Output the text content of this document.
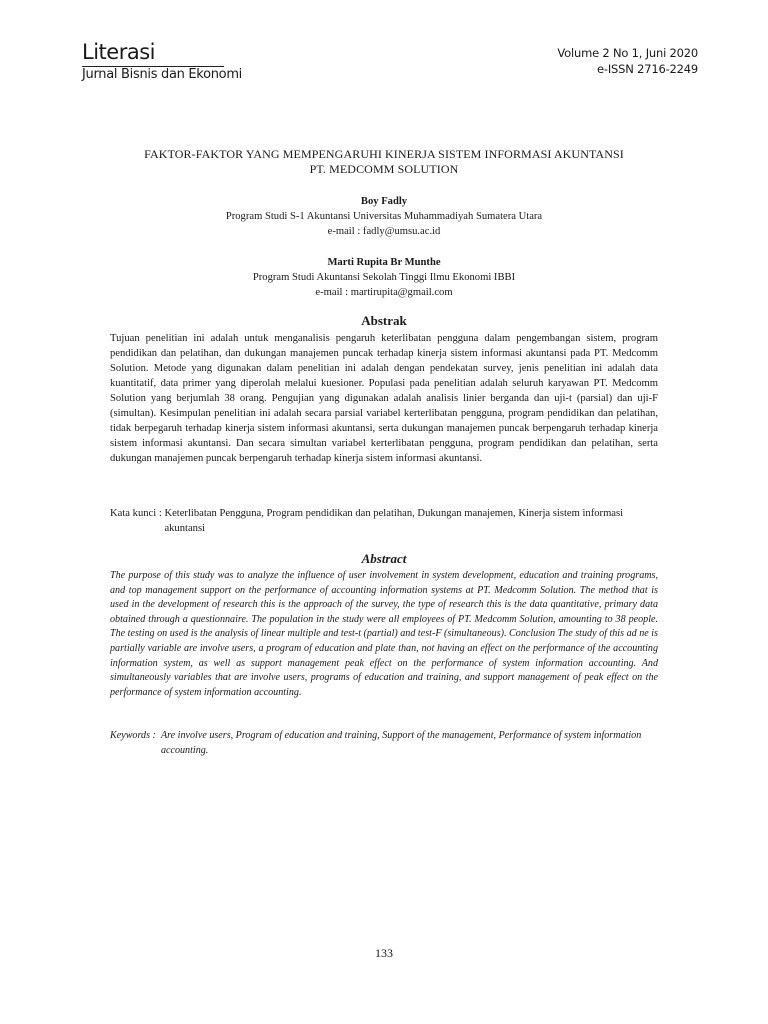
Literasi
Jurnal Bisnis dan Ekonomi
Volume 2 No 1, Juni 2020
e-ISSN 2716-2249
FAKTOR-FAKTOR YANG MEMPENGARUHI KINERJA SISTEM INFORMASI AKUNTANSI
PT. MEDCOMM SOLUTION
Boy Fadly
Program Studi S-1 Akuntansi Universitas Muhammadiyah Sumatera Utara
e-mail : fadly@umsu.ac.id
Marti Rupita Br Munthe
Program Studi Akuntansi Sekolah Tinggi Ilmu Ekonomi IBBI
e-mail : martirupita@gmail.com
Abstrak

Tujuan penelitian ini adalah untuk menganalisis pengaruh keterlibatan pengguna dalam pengembangan sistem, program pendidikan dan pelatihan, dan dukungan manajemen puncak terhadap kinerja sistem informasi akuntansi pada PT. Medcomm Solution. Metode yang digunakan dalam penelitian ini adalah dengan pendekatan survey, jenis penelitian ini adalah data kuantitatif, data primer yang diperolah melalui kuesioner. Populasi pada penelitian adalah seluruh karyawan PT. Medcomm Solution yang berjumlah 38 orang. Pengujian yang digunakan adalah analisis linier berganda dan uji-t (parsial) dan uji-F (simultan). Kesimpulan penelitian ini adalah secara parsial variabel kerterlibatan pengguna, program pendidikan dan pelatihan, tidak berpegaruh terhadap kinerja sistem informasi akuntansi, serta dukungan manajemen puncak berpengaruh terhadap kinerja sistem informasi akuntansi. Dan secara simultan variabel kerterlibatan pengguna, program pendidikan dan pelatihan, serta dukungan manajemen puncak berpengaruh terhadap kinerja sistem informasi akuntansi.

Kata kunci : Keterlibatan Pengguna, Program pendidikan dan pelatihan, Dukungan manajemen, Kinerja sistem informasi akuntansi
Abstract

The purpose of this study was to analyze the influence of user involvement in system development, education and training programs, and top management support on the performance of accounting information systems at PT. Medcomm Solution. The method that is used in the development of research this is the approach of the survey, the type of research this is the data quantitative, primary data obtained through a questionnaire. The population in the study were all employees of PT. Medcomm Solution, amounting to 38 people. The testing on used is the analysis of linear multiple and test-t (partial) and test-F (simultaneous). Conclusion The study of this ad ne is partially variable are involve users, a program of education and plate than, not having an effect on the performance of the accounting information system, as well as support management peak effect on the performance of system information accounting. And simultaneously variables that are involve users, programs of education and training, and support management of peak effect on the performance of system information accounting.

Keywords : Are involve users, Program of education and training, Support of the management, Performance of system information accounting.
133
